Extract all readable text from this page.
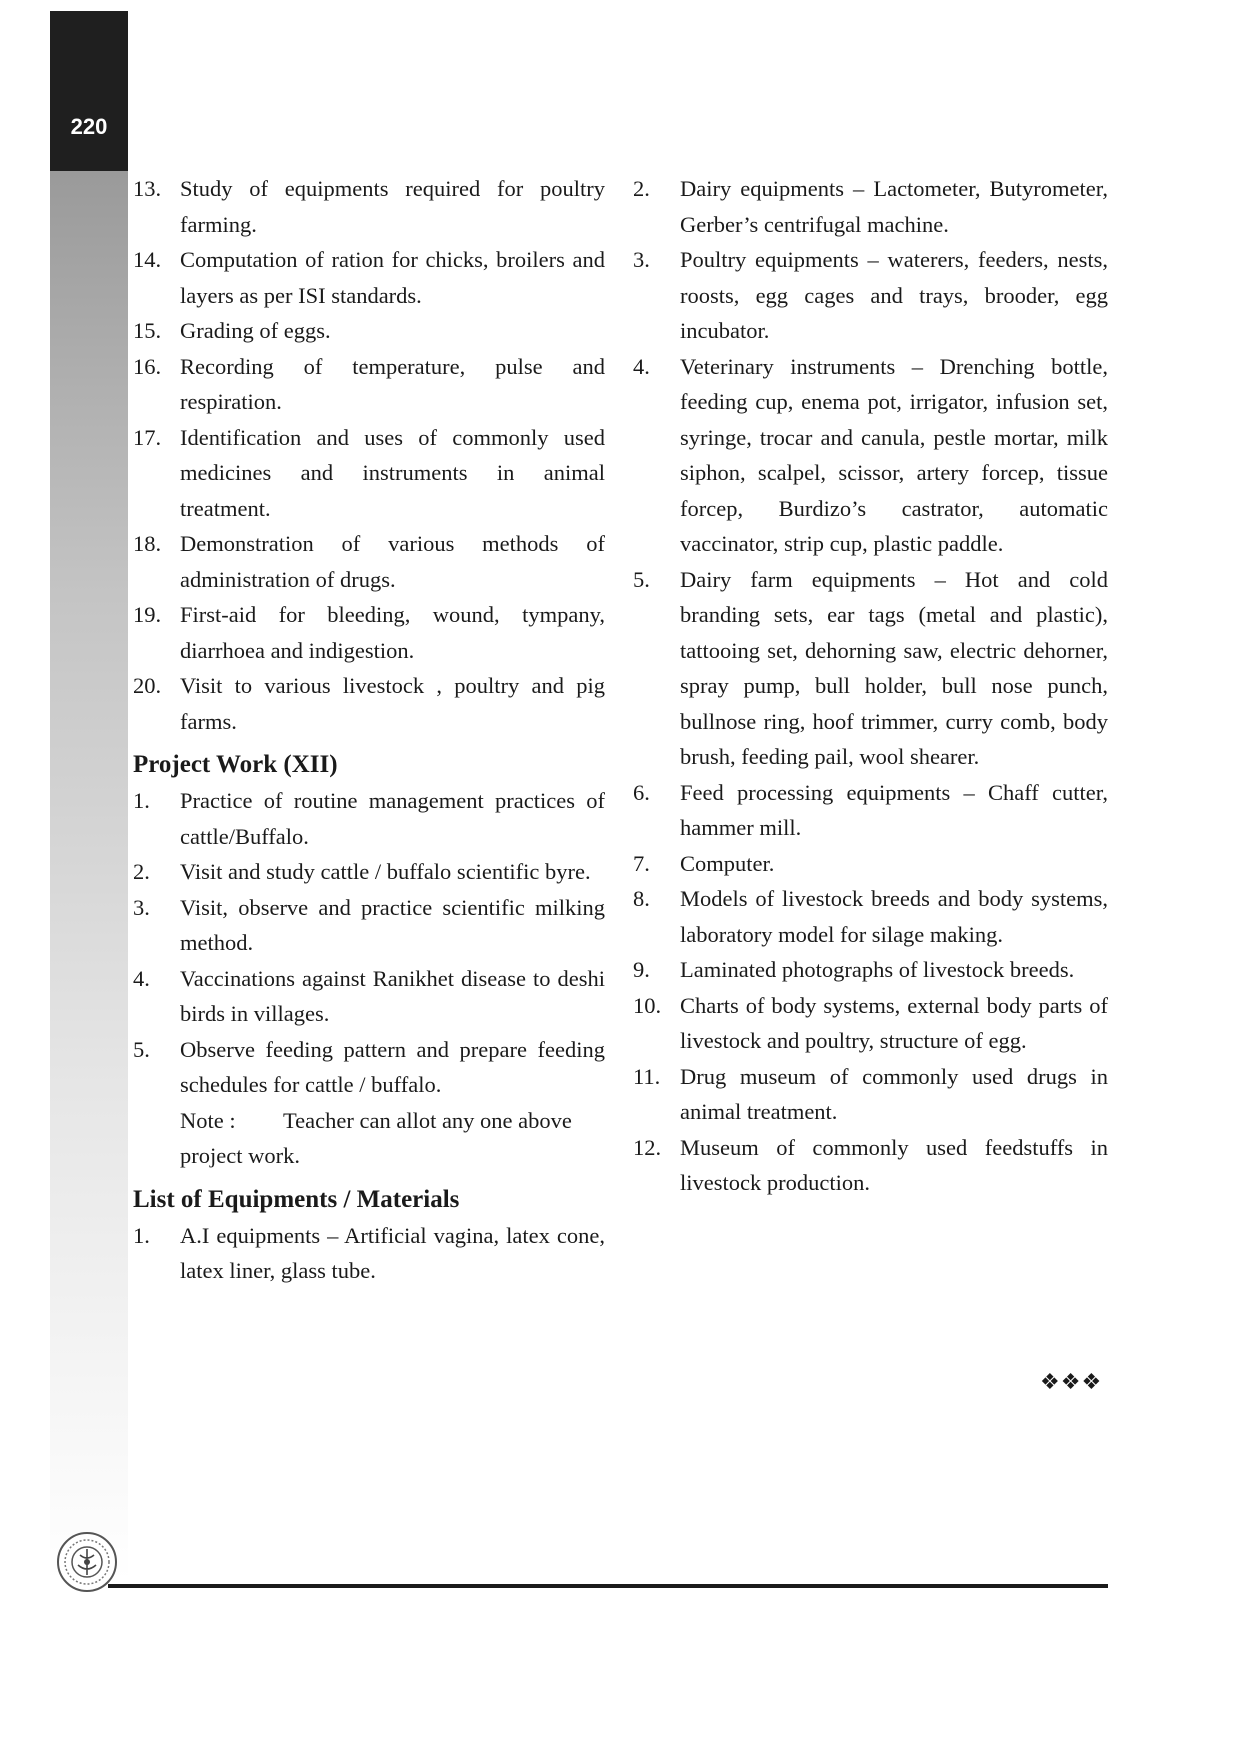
220
13. Study of equipments required for poultry farming.
14. Computation of ration for chicks, broilers and layers as per ISI standards.
15. Grading of eggs.
16. Recording of temperature, pulse and respiration.
17. Identification and uses of commonly used medicines and instruments in animal treatment.
18. Demonstration of various methods of administration of drugs.
19. First-aid for bleeding, wound, tympany, diarrhoea and indigestion.
20. Visit to various livestock , poultry and pig farms.
Project Work (XII)
1. Practice of routine management practices of cattle/Buffalo.
2. Visit and study cattle / buffalo scientific byre.
3. Visit, observe and practice scientific milking method.
4. Vaccinations against Ranikhet disease to deshi birds in villages.
5. Observe feeding pattern and prepare feeding schedules for cattle / buffalo.
Note : Teacher can allot any one above project work.
List of Equipments / Materials
1. A.I equipments – Artificial vagina, latex cone, latex liner, glass tube.
2. Dairy equipments – Lactometer, Butyrometer, Gerber’s centrifugal machine.
3. Poultry equipments – waterers, feeders, nests, roosts, egg cages and trays, brooder, egg incubator.
4. Veterinary instruments – Drenching bottle, feeding cup, enema pot, irrigator, infusion set, syringe, trocar and canula, pestle mortar, milk siphon, scalpel, scissor, artery forcep, tissue forcep, Burdizo’s castrator, automatic vaccinator, strip cup, plastic paddle.
5. Dairy farm equipments – Hot and cold branding sets, ear tags (metal and plastic), tattooing set, dehorning saw, electric dehorner, spray pump, bull holder, bull nose punch, bullnose ring, hoof trimmer, curry comb, body brush, feeding pail, wool shearer.
6. Feed processing equipments – Chaff cutter, hammer mill.
7. Computer.
8. Models of livestock breeds and body systems, laboratory model for silage making.
9. Laminated photographs of livestock breeds.
10. Charts of body systems, external body parts of livestock and poultry, structure of egg.
11. Drug museum of commonly used drugs in animal treatment.
12. Museum of commonly used feedstuffs in livestock production.
❖❖❖
